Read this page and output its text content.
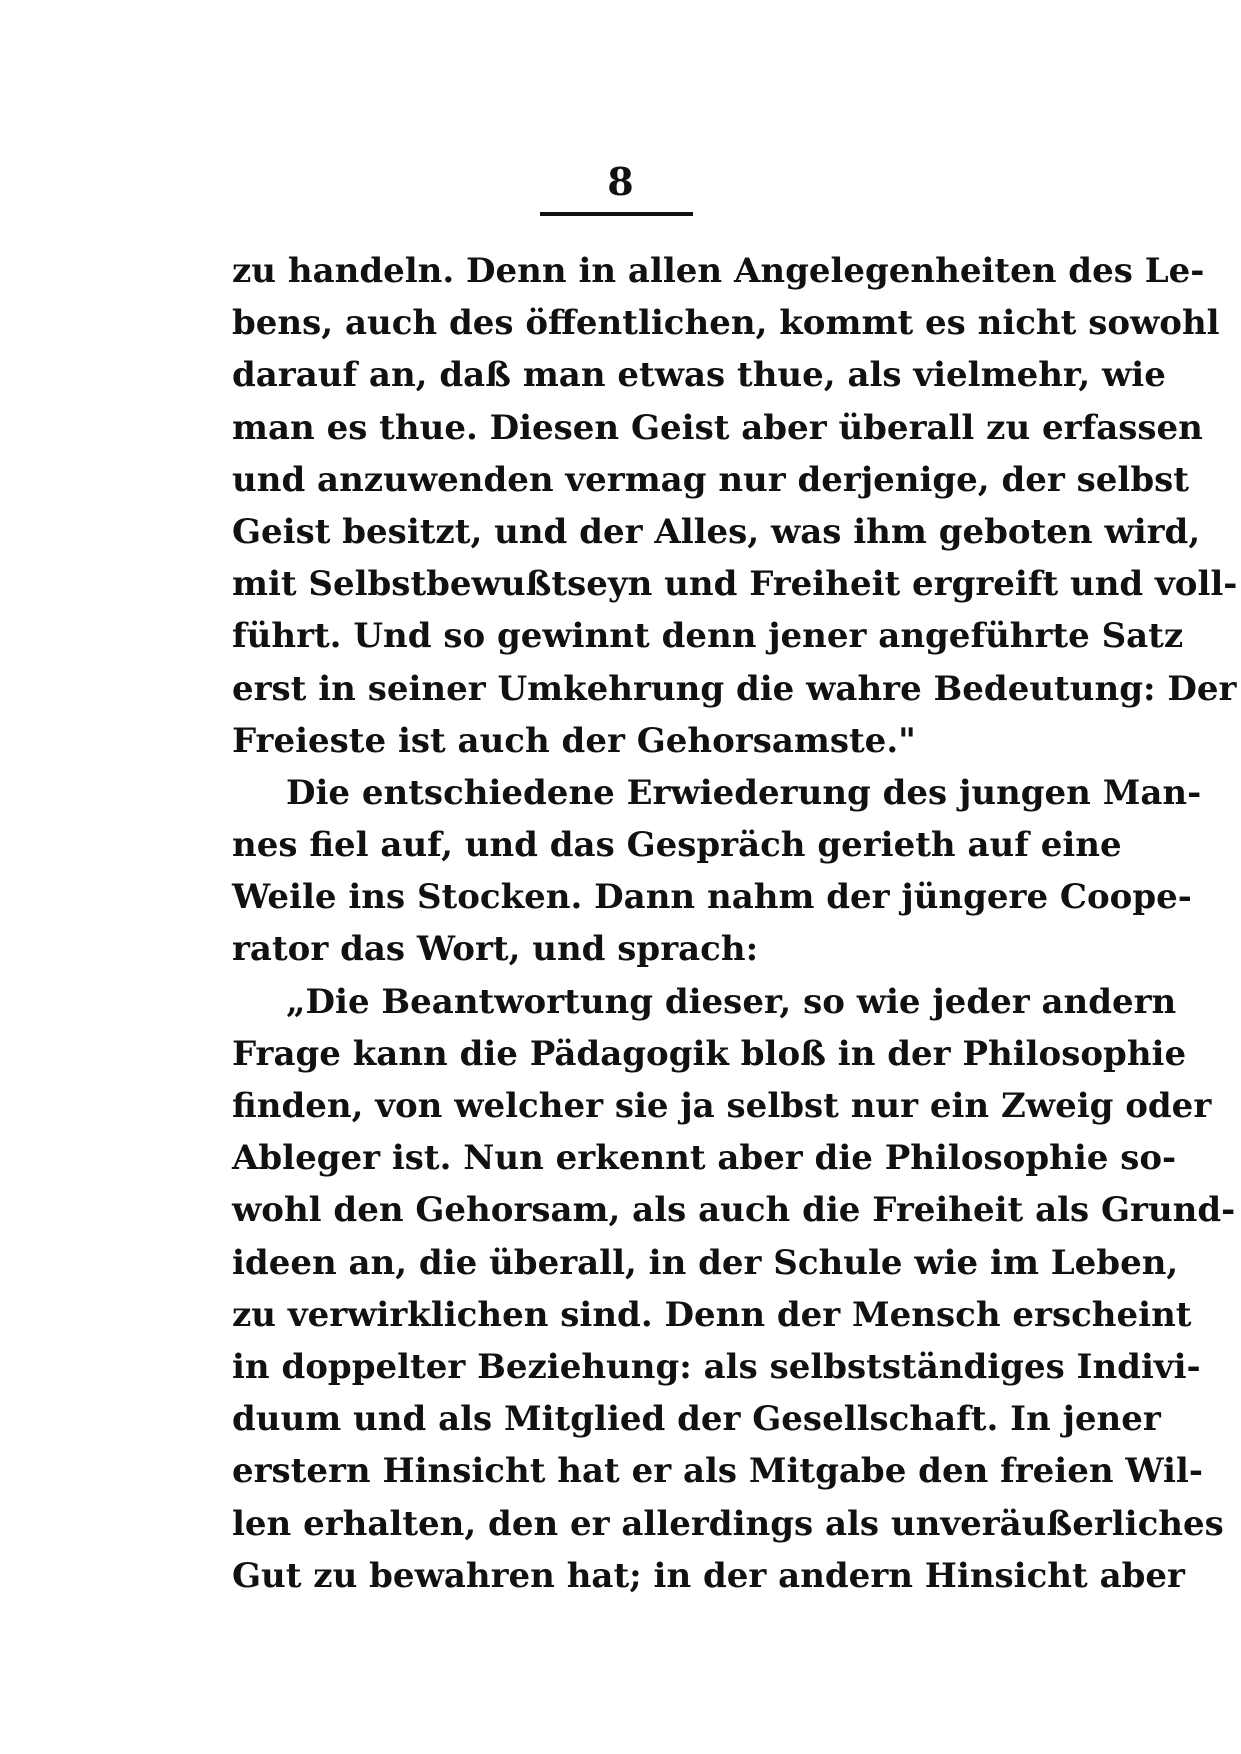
8
zu handeln. Denn in allen Angelegenheiten des Le-
bens, auch des öffentlichen, kommt es nicht sowohl
darauf an, daß man etwas thue, als vielmehr, wie
man es thue. Diesen Geist aber überall zu erfassen
und anzuwenden vermag nur derjenige, der selbst
Geist besitzt, und der Alles, was ihm geboten wird,
mit Selbstbewußtseyn und Freiheit ergreift und voll-
führt. Und so gewinnt denn jener angeführte Satz
erst in seiner Umkehrung die wahre Bedeutung: Der
Freieste ist auch der Gehorsamste."
Die entschiedene Erwiederung des jungen Man-
nes fiel auf, und das Gespräch gerieth auf eine
Weile ins Stocken. Dann nahm der jüngere Coope-
rator das Wort, und sprach:
„Die Beantwortung dieser, so wie jeder andern
Frage kann die Pädagogik bloß in der Philosophie
finden, von welcher sie ja selbst nur ein Zweig oder
Ableger ist. Nun erkennt aber die Philosophie so-
wohl den Gehorsam, als auch die Freiheit als Grund-
ideen an, die überall, in der Schule wie im Leben,
zu verwirklichen sind. Denn der Mensch erscheint
in doppelter Beziehung: als selbstständiges Indivi-
duum und als Mitglied der Gesellschaft. In jener
erstern Hinsicht hat er als Mitgabe den freien Wil-
len erhalten, den er allerdings als unveräußerliches
Gut zu bewahren hat; in der andern Hinsicht aber
